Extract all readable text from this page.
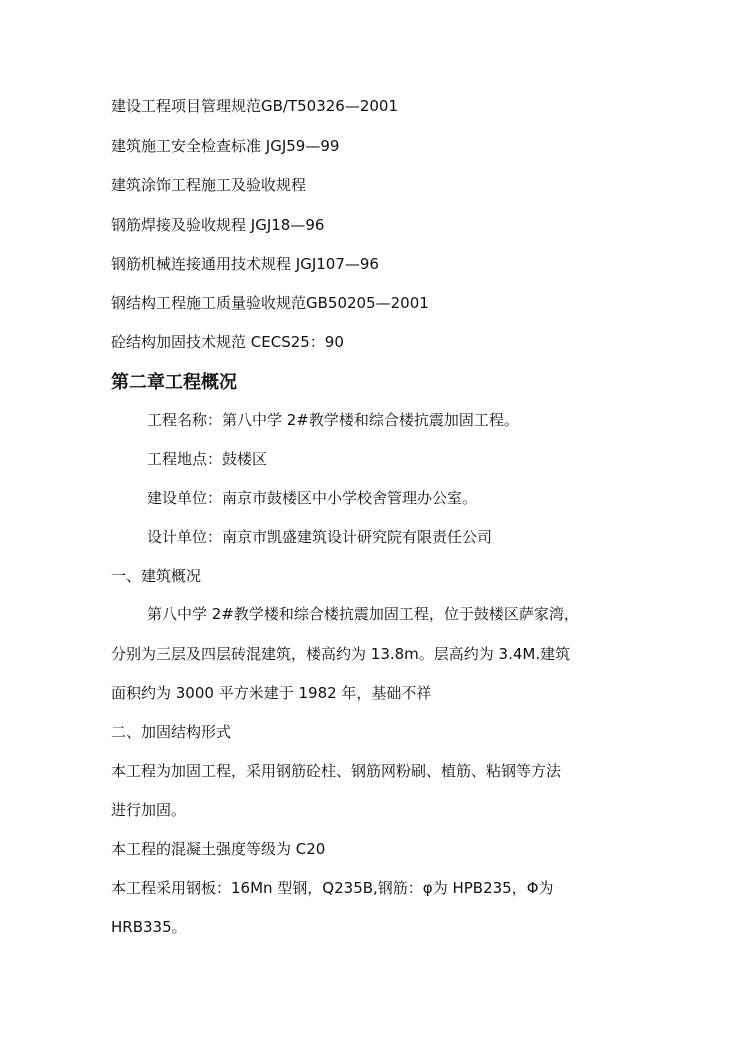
建设工程项目管理规范GB/T50326—2001
建筑施工安全检查标准 JGJ59—99
建筑涂饰工程施工及验收规程
钢筋焊接及验收规程 JGJ18—96
钢筋机械连接通用技术规程 JGJ107—96
钢结构工程施工质量验收规范GB50205—2001
砼结构加固技术规范 CECS25：90
第二章工程概况
工程名称：第八中学 2#教学楼和综合楼抗震加固工程。
工程地点：鼓楼区
建设单位：南京市鼓楼区中小学校舍管理办公室。
设计单位：南京市凯盛建筑设计研究院有限责任公司
一、建筑概况
第八中学 2#教学楼和综合楼抗震加固工程，位于鼓楼区萨家湾，
分别为三层及四层砖混建筑，楼高约为 13.8m。层高约为 3.4M.建筑
面积约为 3000 平方米建于 1982 年，基础不祥
二、加固结构形式
本工程为加固工程，采用钢筋砼柱、钢筋网粉刷、植筋、粘钢等方法
进行加固。
本工程的混凝土强度等级为 C20
本工程采用钢板：16Mn 型钢，Q235B,钢筋：φ为 HPB235，Φ为
HRB335。
